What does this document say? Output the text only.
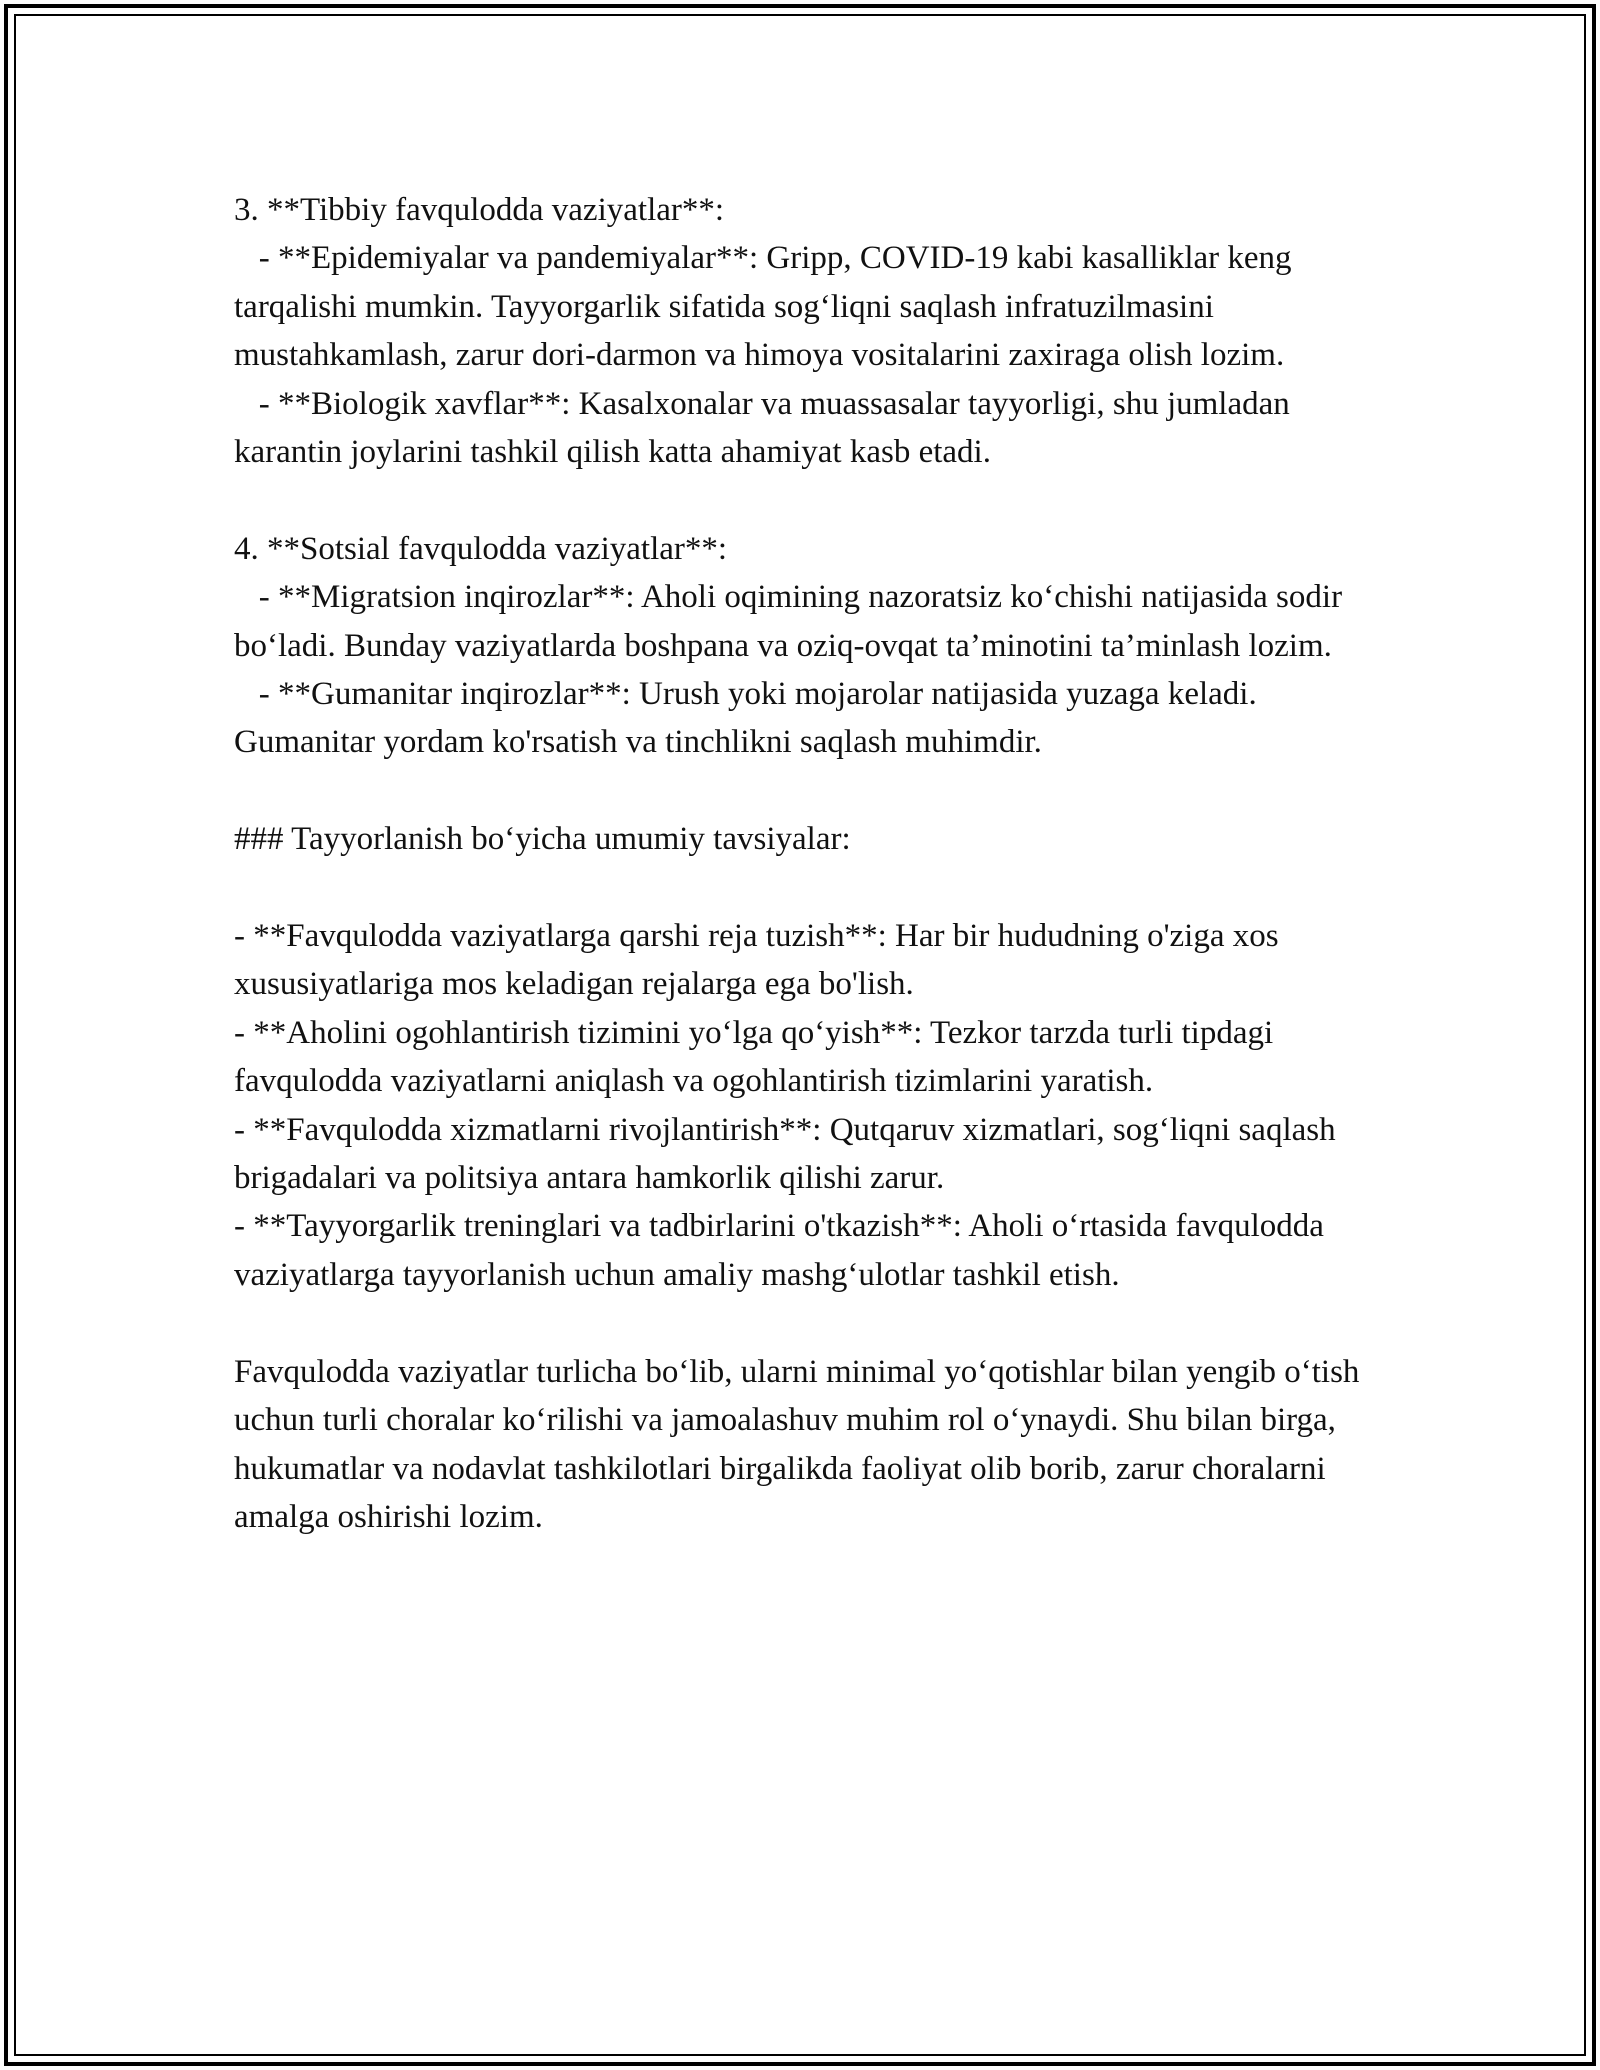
3. **Tibbiy favqulodda vaziyatlar**:

- **Epidemiyalar va pandemiyalar**: Gripp, COVID-19 kabi kasalliklar keng tarqalishi mumkin. Tayyorgarlik sifatida sog‘liqni saqlash infratuzilmasini mustahkamlash, zarur dori-darmon va himoya vositalarini zaxiraga olish lozim.

- **Biologik xavflar**: Kasalxonalar va muassasalar tayyorligi, shu jumladan karantin joylarini tashkil qilish katta ahamiyat kasb etadi.

4. **Sotsial favqulodda vaziyatlar**:

- **Migratsion inqirozlar**: Aholi oqimining nazoratsiz ko‘chishi natijasida sodir bo‘ladi. Bunday vaziyatlarda boshpana va oziq-ovqat ta’minotini ta’minlash lozim.

- **Gumanitar inqirozlar**: Urush yoki mojarolar natijasida yuzaga keladi. Gumanitar yordam ko'rsatish va tinchlikni saqlash muhimdir.

### Tayyorlanish bo‘yicha umumiy tavsiyalar:

- **Favqulodda vaziyatlarga qarshi reja tuzish**: Har bir hududning o'ziga xos xususiyatlariga mos keladigan rejalarga ega bo'lish.

- **Aholini ogohlantirish tizimini yo‘lga qo‘yish**: Tezkor tarzda turli tipdagi favqulodda vaziyatlarni aniqlash va ogohlantirish tizimlarini yaratish.

- **Favqulodda xizmatlarni rivojlantirish**: Qutqaruv xizmatlari, sog‘liqni saqlash brigadalari va politsiya antara hamkorlik qilishi zarur.

- **Tayyorgarlik treninglari va tadbirlarini o'tkazish**: Aholi o‘rtasida favqulodda vaziyatlarga tayyorlanish uchun amaliy mashg‘ulotlar tashkil etish.

Favqulodda vaziyatlar turlicha bo‘lib, ularni minimal yo‘qotishlar bilan yengib o‘tish uchun turli choralar ko‘rilishi va jamoalashuv muhim rol o‘ynaydi. Shu bilan birga, hukumatlar va nodavlat tashkilotlari birgalikda faoliyat olib borib, zarur choralarni amalga oshirishi lozim.
